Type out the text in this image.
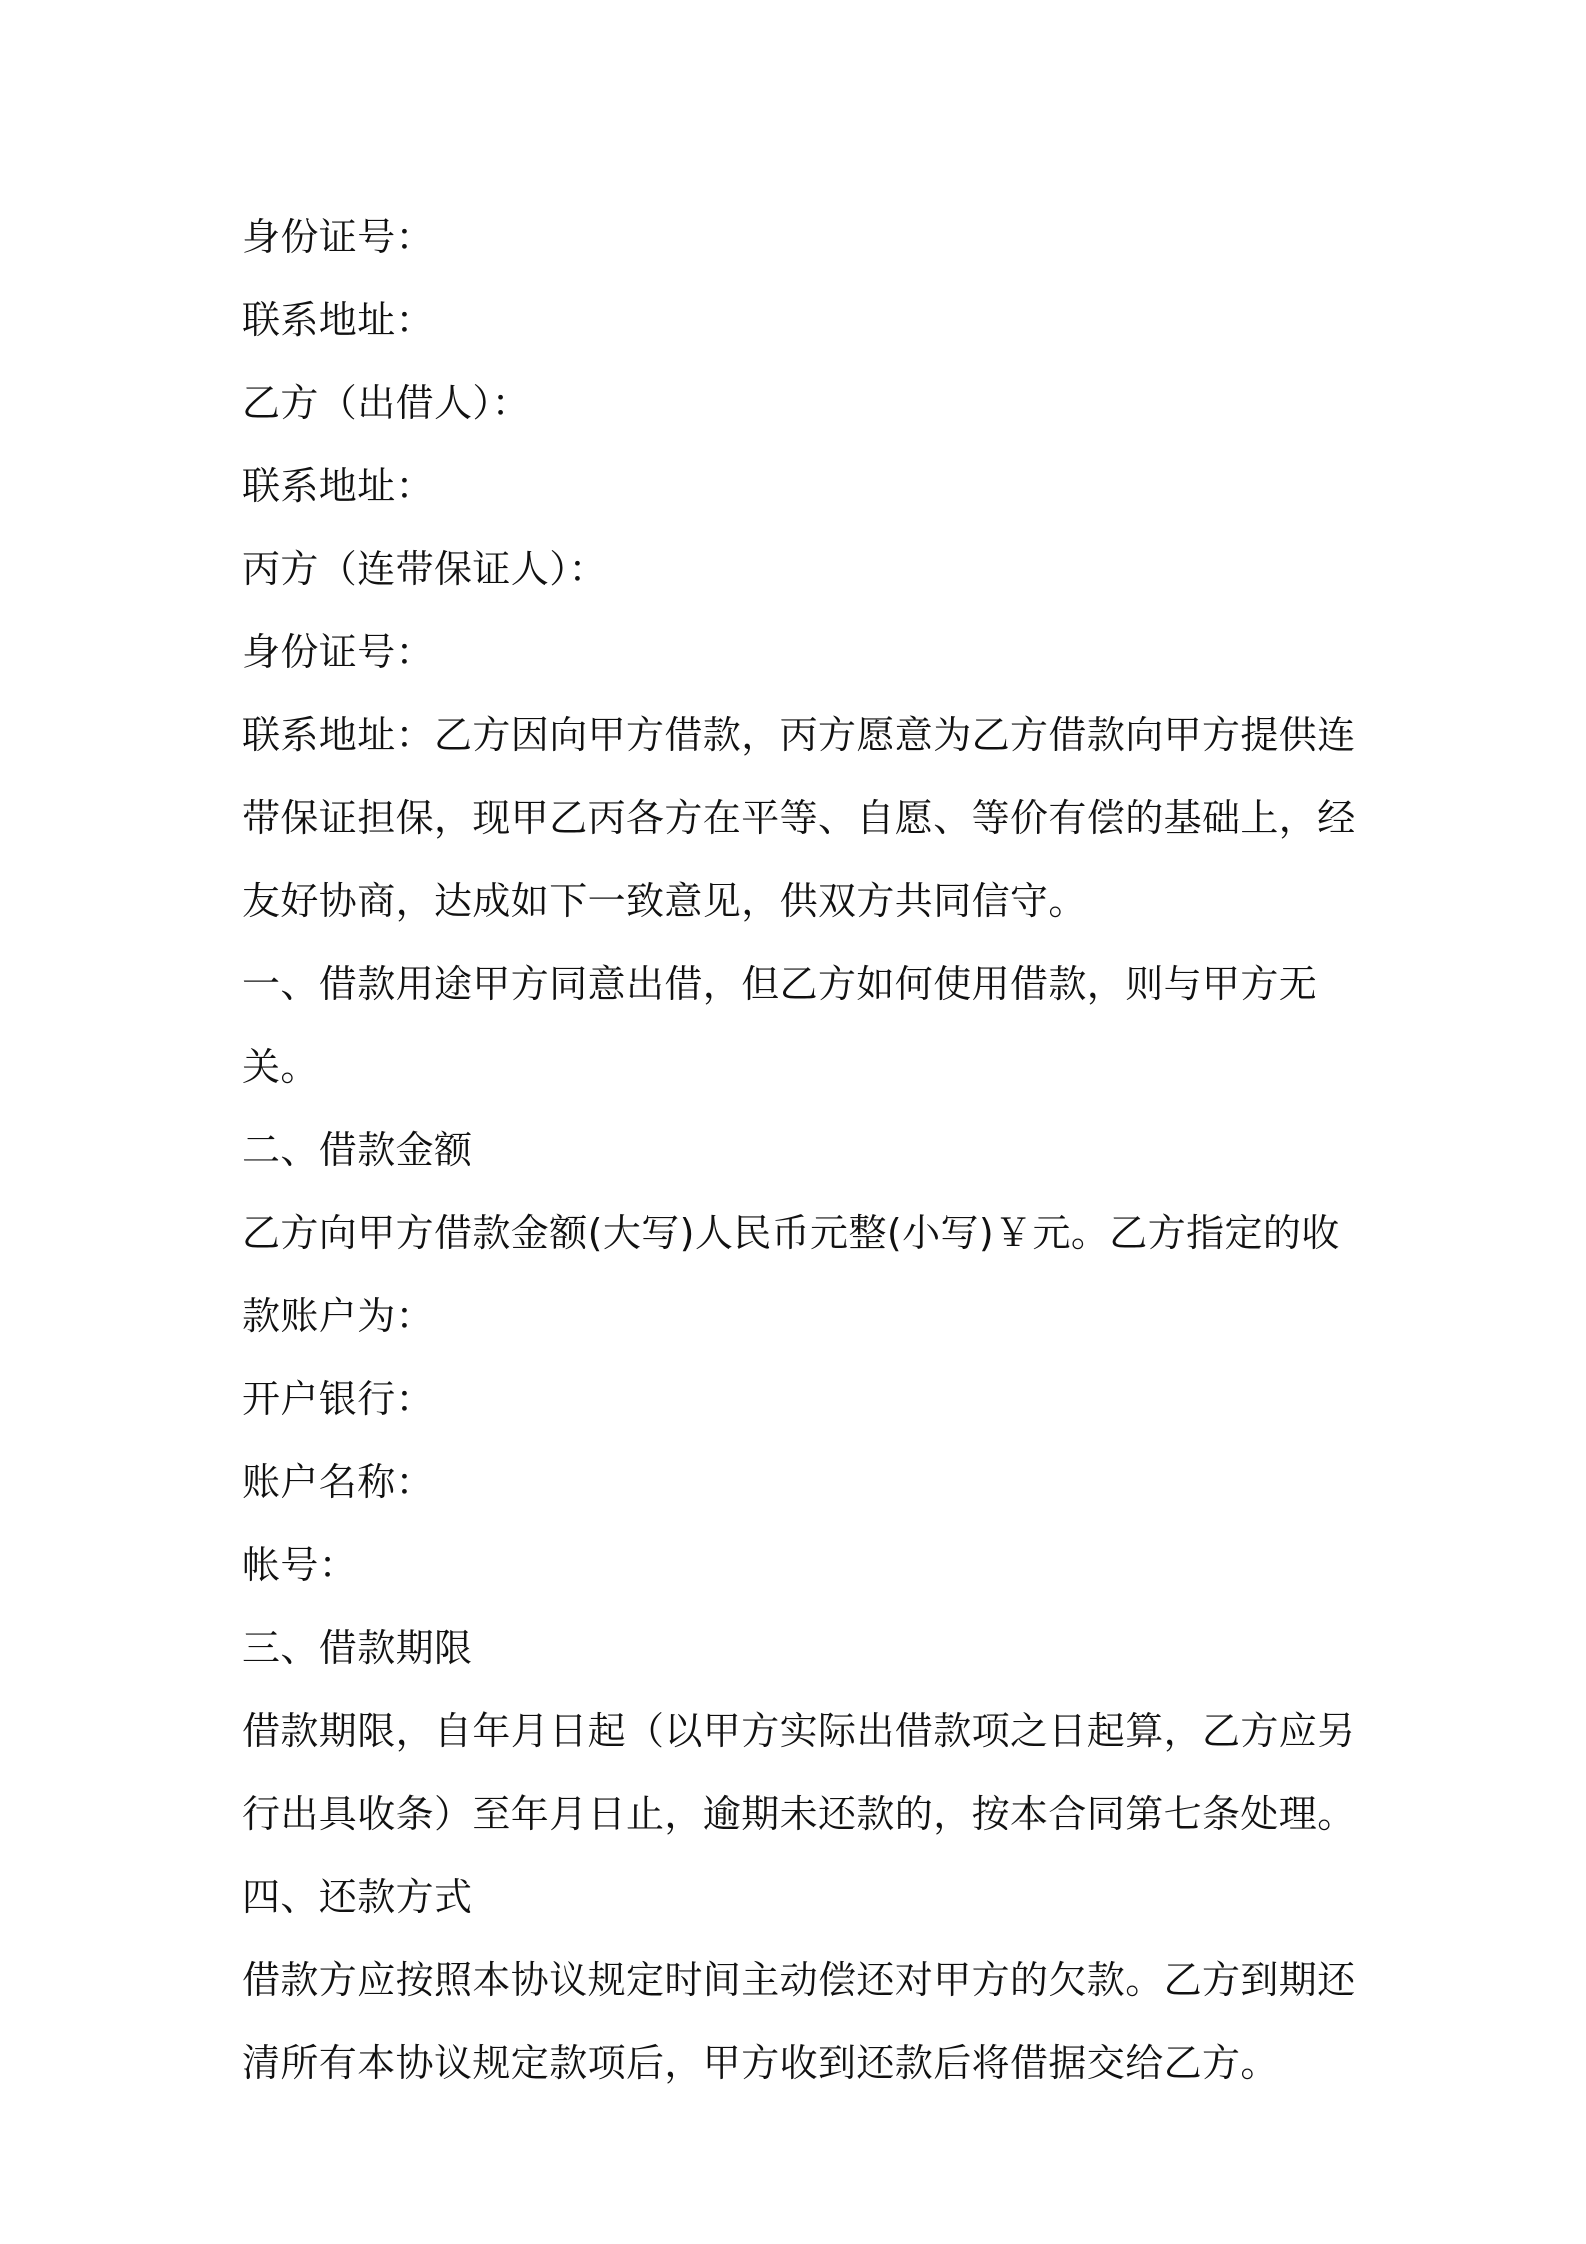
身份证号：

联系地址：

乙方（出借人）：

联系地址：

丙方（连带保证人）：

身份证号：

联系地址：乙方因向甲方借款，丙方愿意为乙方借款向甲方提供连带保证担保，现甲乙丙各方在平等、自愿、等价有偿的基础上，经友好协商，达成如下一致意见，供双方共同信守。

一、借款用途甲方同意出借，但乙方如何使用借款，则与甲方无关。

二、借款金额

乙方向甲方借款金额(大写)人民币元整(小写)￥元。乙方指定的收款账户为：

开户银行：

账户名称：

帐号：

三、借款期限

借款期限，自年月日起（以甲方实际出借款项之日起算，乙方应另行出具收条）至年月日止，逾期未还款的，按本合同第七条处理。

四、还款方式

借款方应按照本协议规定时间主动偿还对甲方的欠款。乙方到期还清所有本协议规定款项后，甲方收到还款后将借据交给乙方。
